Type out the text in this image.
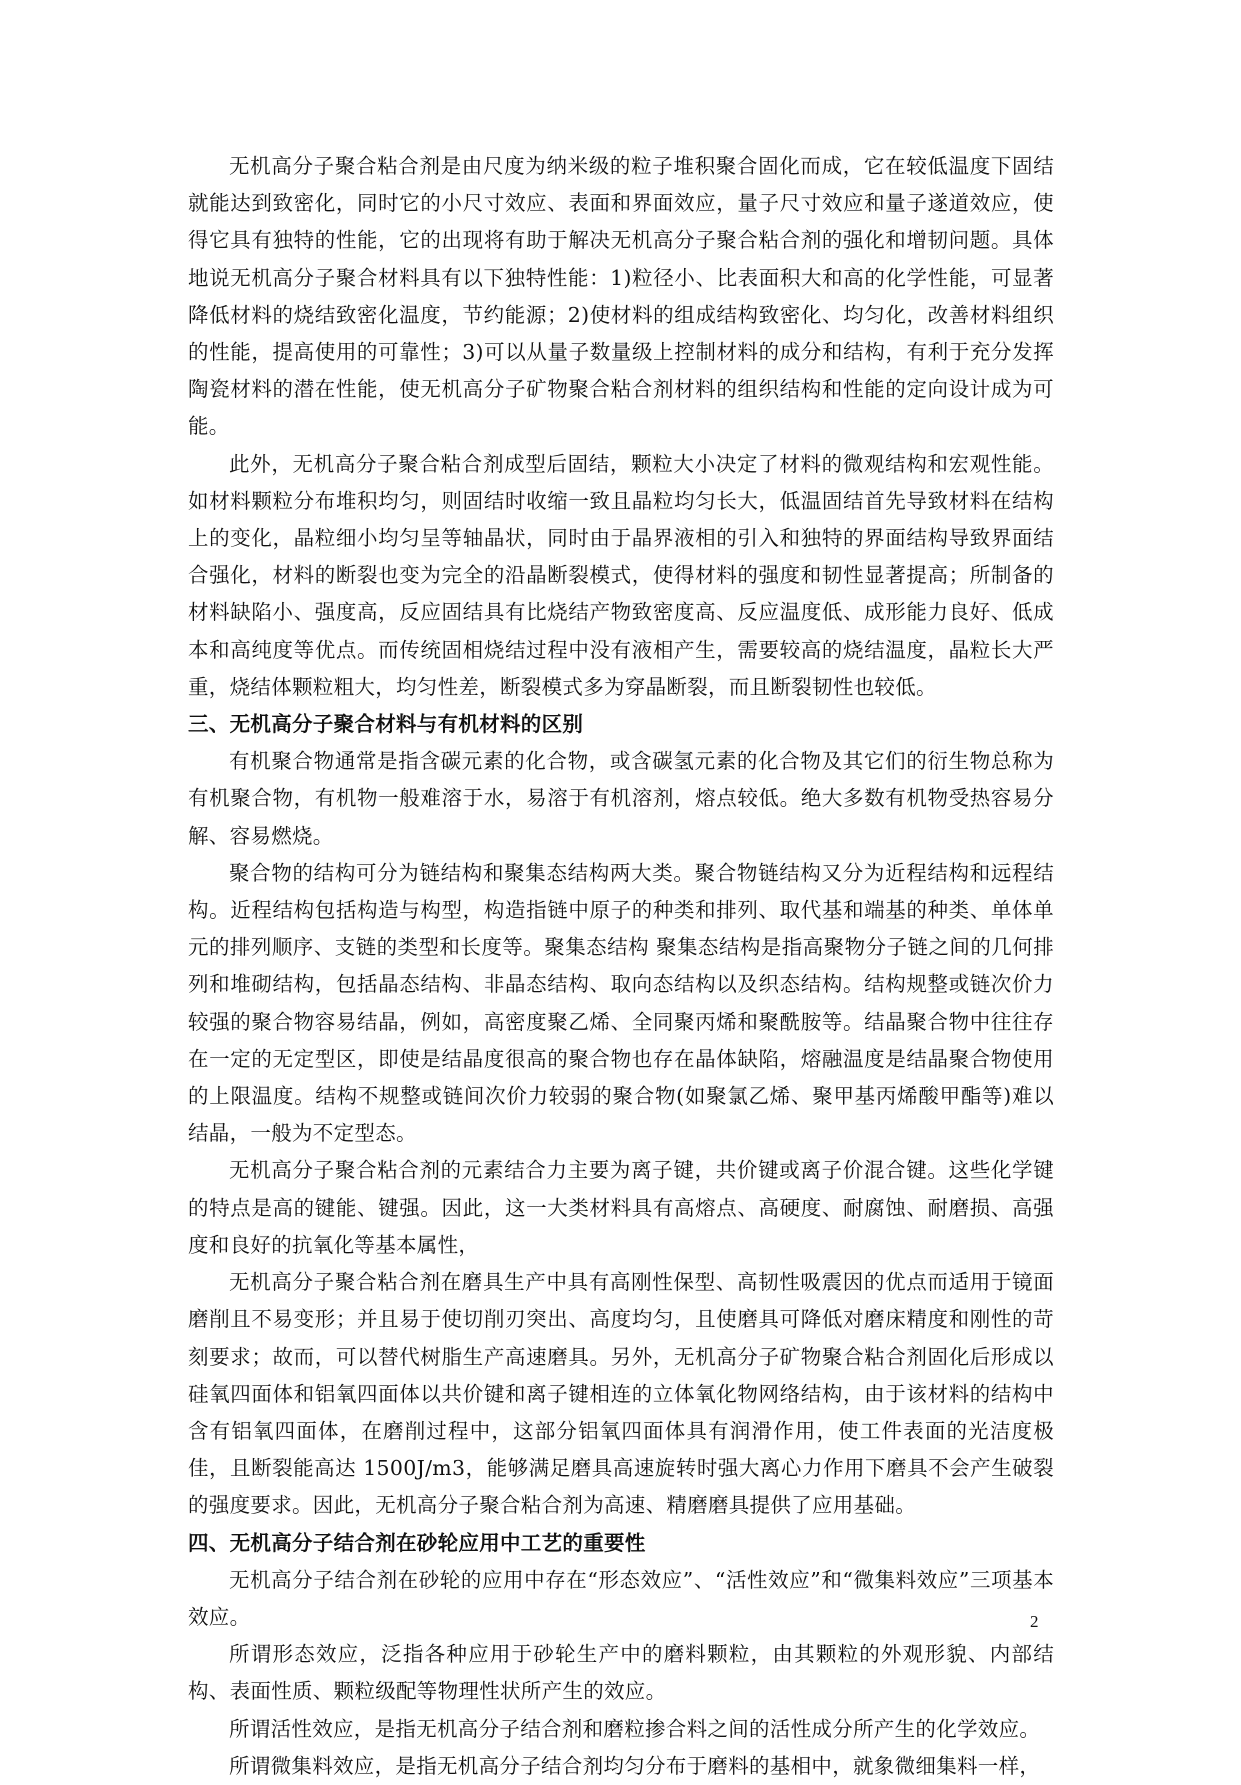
无机高分子聚合粘合剂是由尺度为纳米级的粒子堆积聚合固化而成，它在较低温度下固结就能达到致密化，同时它的小尺寸效应、表面和界面效应，量子尺寸效应和量子遂道效应，使得它具有独特的性能，它的出现将有助于解决无机高分子聚合粘合剂的强化和增韧问题。具体地说无机高分子聚合材料具有以下独特性能：1)粒径小、比表面积大和高的化学性能，可显著降低材料的烧结致密化温度，节约能源；2)使材料的组成结构致密化、均匀化，改善材料组织的性能，提高使用的可靠性；3)可以从量子数量级上控制材料的成分和结构，有利于充分发挥陶瓷材料的潜在性能，使无机高分子矿物聚合粘合剂材料的组织结构和性能的定向设计成为可能。

此外，无机高分子聚合粘合剂成型后固结，颗粒大小决定了材料的微观结构和宏观性能。如材料颗粒分布堆积均匀，则固结时收缩一致且晶粒均匀长大，低温固结首先导致材料在结构上的变化，晶粒细小均匀呈等轴晶状，同时由于晶界液相的引入和独特的界面结构导致界面结合强化，材料的断裂也变为完全的沿晶断裂模式，使得材料的强度和韧性显著提高；所制备的材料缺陷小、强度高，反应固结具有比烧结产物致密度高、反应温度低、成形能力良好、低成本和高纯度等优点。而传统固相烧结过程中没有液相产生，需要较高的烧结温度，晶粒长大严重，烧结体颗粒粗大，均匀性差，断裂模式多为穿晶断裂，而且断裂韧性也较低。

三、无机高分子聚合材料与有机材料的区别

有机聚合物通常是指含碳元素的化合物，或含碳氢元素的化合物及其它们的衍生物总称为有机聚合物，有机物一般难溶于水，易溶于有机溶剂，熔点较低。绝大多数有机物受热容易分解、容易燃烧。

聚合物的结构可分为链结构和聚集态结构两大类。聚合物链结构又分为近程结构和远程结构。近程结构包括构造与构型，构造指链中原子的种类和排列、取代基和端基的种类、单体单元的排列顺序、支链的类型和长度等。聚集态结构 聚集态结构是指高聚物分子链之间的几何排列和堆砌结构，包括晶态结构、非晶态结构、取向态结构以及织态结构。结构规整或链次价力较强的聚合物容易结晶，例如，高密度聚乙烯、全同聚丙烯和聚酰胺等。结晶聚合物中往往存在一定的无定型区，即使是结晶度很高的聚合物也存在晶体缺陷，熔融温度是结晶聚合物使用的上限温度。结构不规整或链间次价力较弱的聚合物(如聚氯乙烯、聚甲基丙烯酸甲酯等)难以结晶，一般为不定型态。

无机高分子聚合粘合剂的元素结合力主要为离子键，共价键或离子价混合键。这些化学键的特点是高的键能、键强。因此，这一大类材料具有高熔点、高硬度、耐腐蚀、耐磨损、高强度和良好的抗氧化等基本属性，

无机高分子聚合粘合剂在磨具生产中具有高刚性保型、高韧性吸震因的优点而适用于镜面磨削且不易变形；并且易于使切削刃突出、高度均匀，且使磨具可降低对磨床精度和刚性的苛刻要求；故而，可以替代树脂生产高速磨具。另外，无机高分子矿物聚合粘合剂固化后形成以硅氧四面体和铝氧四面体以共价键和离子键相连的立体氧化物网络结构，由于该材料的结构中含有铝氧四面体，在磨削过程中，这部分铝氧四面体具有润滑作用，使工件表面的光洁度极佳，且断裂能高达 1500J/m3，能够满足磨具高速旋转时强大离心力作用下磨具不会产生破裂的强度要求。因此，无机高分子聚合粘合剂为高速、精磨磨具提供了应用基础。

四、无机高分子结合剂在砂轮应用中工艺的重要性

无机高分子结合剂在砂轮的应用中存在“形态效应”、“活性效应”和“微集料效应”三项基本效应。

所谓形态效应，泛指各种应用于砂轮生产中的磨料颗粒，由其颗粒的外观形貌、内部结构、表面性质、颗粒级配等物理性状所产生的效应。

所谓活性效应，是指无机高分子结合剂和磨粒掺合料之间的活性成分所产生的化学效应。

所谓微集料效应，是指无机高分子结合剂均匀分布于磨料的基相中，就象微细集料一样，

2
